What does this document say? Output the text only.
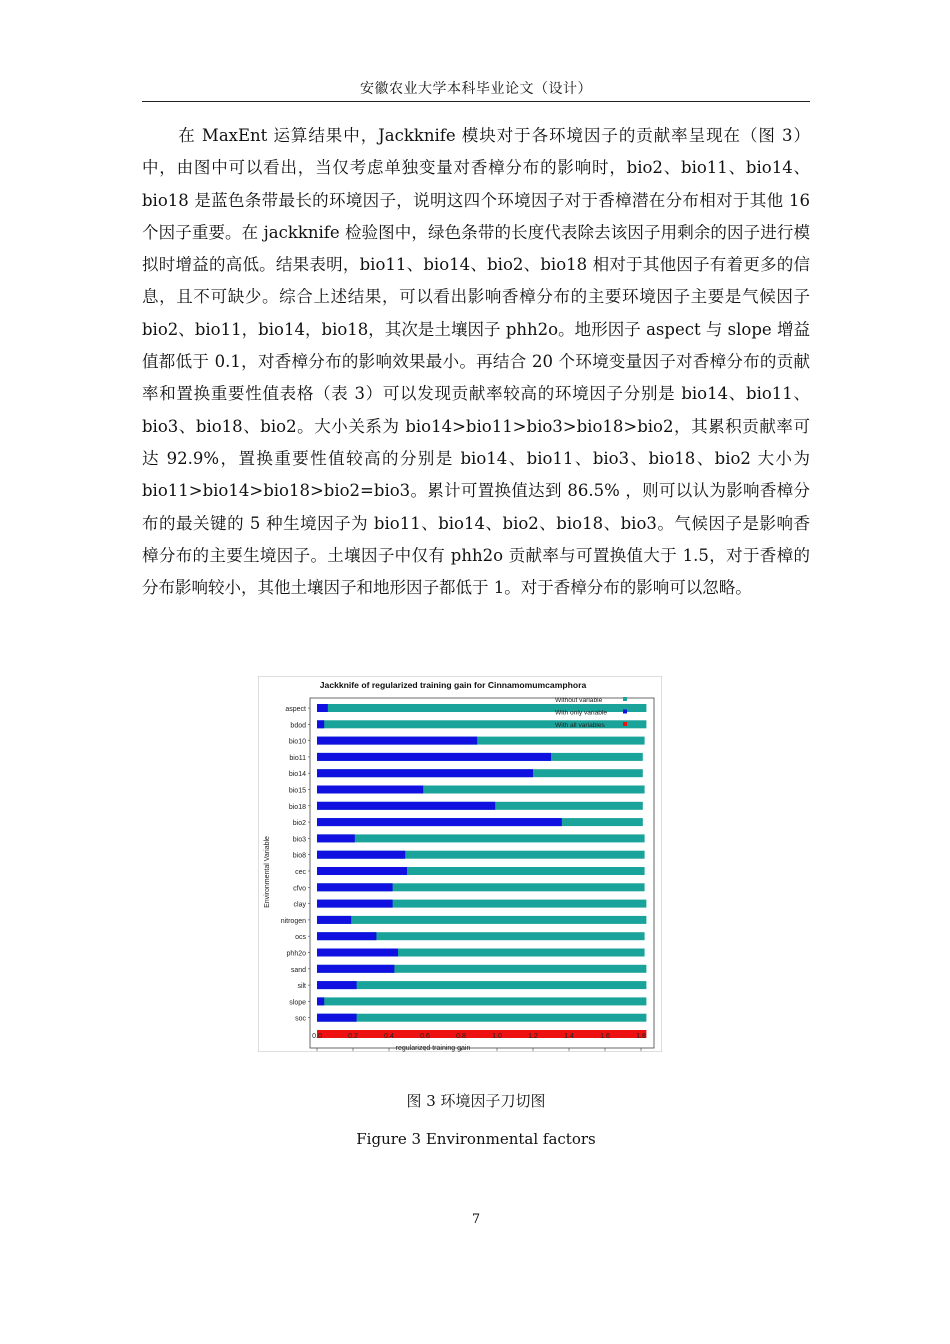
安徽农业大学本科毕业论文（设计）

在 MaxEnt 运算结果中，Jackknife 模块对于各环境因子的贡献率呈现在（图 3）中，由图中可以看出，当仅考虑单独变量对香樟分布的影响时，bio2、bio11、bio14、bio18 是蓝色条带最长的环境因子，说明这四个环境因子对于香樟潜在分布相对于其他 16 个因子重要。在 jackknife 检验图中，绿色条带的长度代表除去该因子用剩余的因子进行模拟时增益的高低。结果表明，bio11、bio14、bio2、bio18 相对于其他因子有着更多的信息，且不可缺少。综合上述结果，可以看出影响香樟分布的主要环境因子主要是气候因子 bio2、bio11，bio14，bio18，其次是土壤因子 phh2o。地形因子 aspect 与 slope 增益值都低于 0.1，对香樟分布的影响效果最小。再结合 20 个环境变量因子对香樟分布的贡献率和置换重要性值表格（表 3）可以发现贡献率较高的环境因子分别是 bio14、bio11、bio3、bio18、bio2。大小关系为 bio14>bio11>bio3>bio18>bio2，其累积贡献率可达 92.9%，置换重要性值较高的分别是 bio14、bio11、bio3、bio18、bio2 大小为 bio11>bio14>bio18>bio2=bio3。累计可置换值达到 86.5% ，则可以认为影响香樟分布的最关键的 5 种生境因子为 bio11、bio14、bio2、bio18、bio3。气候因子是影响香樟分布的主要生境因子。土壤因子中仅有 phh2o 贡献率与可置换值大于 1.5，对于香樟的分布影响较小，其他土壤因子和地形因子都低于 1。对于香樟分布的影响可以忽略。

Jackknife of regularized training gain for Cinnamomumcamphora
aspect
bdod
bio10
bio11
bio14
bio15
bio18
bio2
bio3
bio8
cec
cfvo
clay
nitrogen
ocs
phh2o
sand
silt
slope
soc
0.0	0.2	0.4	0.6	0.8	1.0	1.2	1.4	1.6	1.8
regularized training gain
Environmental Variable
Without variable
With only variable
With all variables
图 3 环境因子刀切图
Figure 3 Environmental factors
7
